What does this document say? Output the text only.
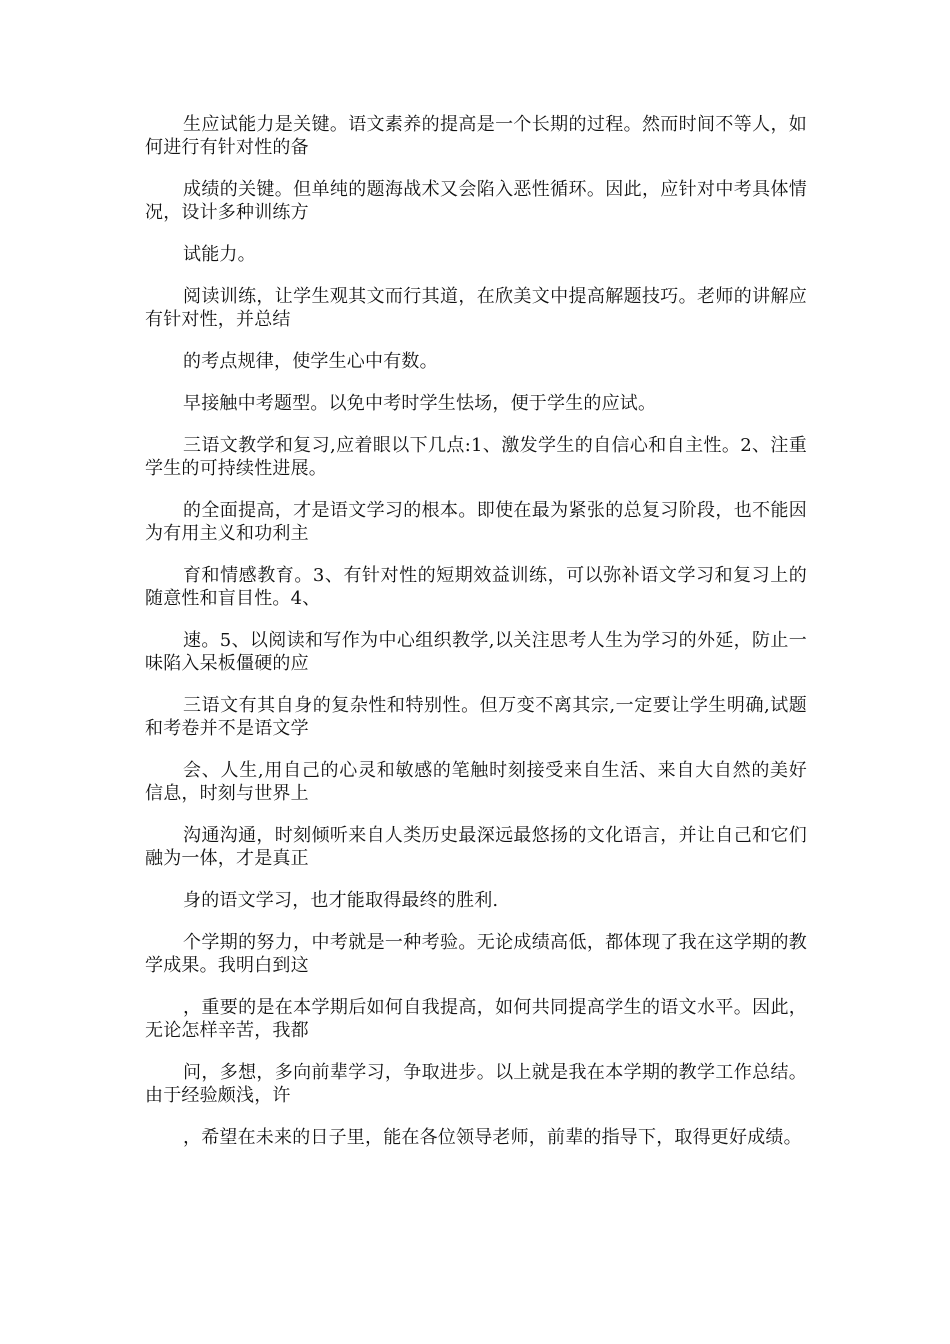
生应试能力是关键。语文素养的提高是一个长期的过程。然而时间不等人，如何进行有针对性的备

成绩的关键。但单纯的题海战术又会陷入恶性循环。因此，应针对中考具体情况，设计多种训练方

试能力。

阅读训练，让学生观其文而行其道，在欣美文中提高解题技巧。老师的讲解应有针对性，并总结

的考点规律，使学生心中有数。

早接触中考题型。以免中考时学生怯场，便于学生的应试。

三语文教学和复习,应着眼以下几点:1、激发学生的自信心和自主性。2、注重学生的可持续性进展。

的全面提高，才是语文学习的根本。即使在最为紧张的总复习阶段，也不能因为有用主义和功利主

育和情感教育。3、有针对性的短期效益训练，可以弥补语文学习和复习上的随意性和盲目性。4、

速。5、以阅读和写作为中心组织教学,以关注思考人生为学习的外延，防止一味陷入呆板僵硬的应

三语文有其自身的复杂性和特别性。但万变不离其宗,一定要让学生明确,试题和考卷并不是语文学

会、人生,用自己的心灵和敏感的笔触时刻接受来自生活、来自大自然的美好信息，时刻与世界上

沟通沟通，时刻倾听来自人类历史最深远最悠扬的文化语言，并让自己和它们融为一体，才是真正

身的语文学习，也才能取得最终的胜利.

个学期的努力，中考就是一种考验。无论成绩高低，都体现了我在这学期的教学成果。我明白到这

，重要的是在本学期后如何自我提高，如何共同提高学生的语文水平。因此，无论怎样辛苦，我都

问，多想，多向前辈学习，争取进步。以上就是我在本学期的教学工作总结。由于经验颇浅，许

，希望在未来的日子里，能在各位领导老师，前辈的指导下，取得更好成绩。
